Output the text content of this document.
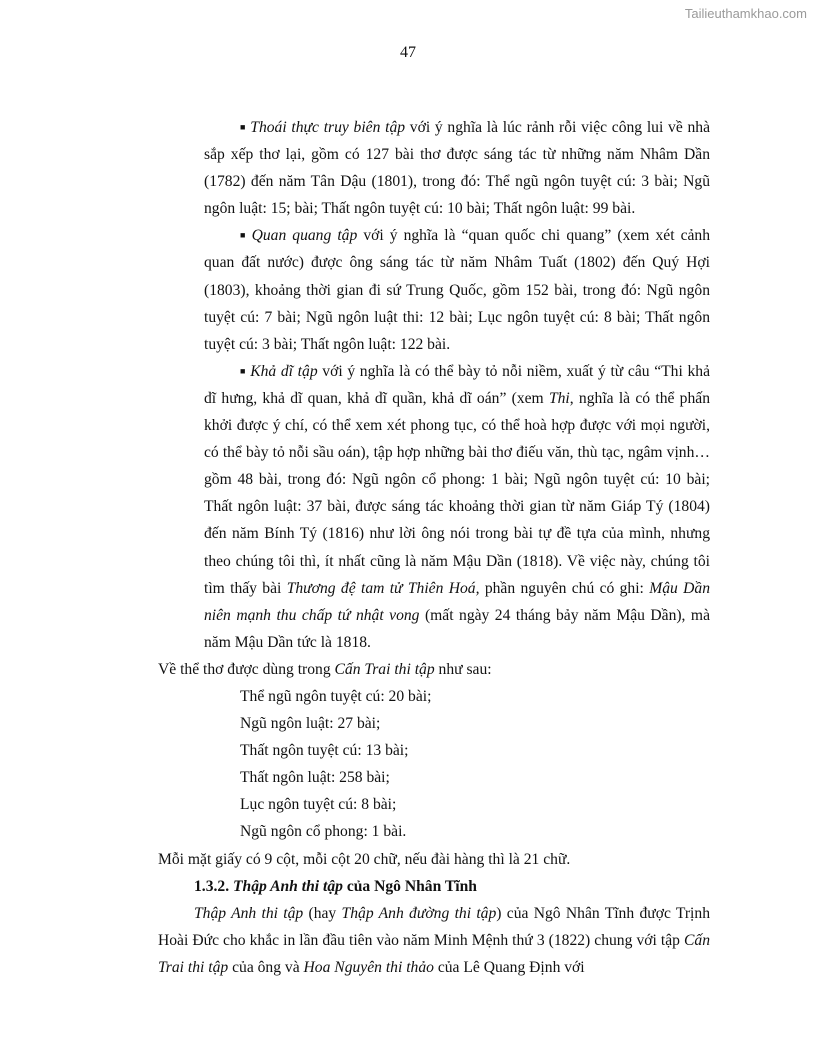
Tailieuthamkhao.com
47

■ Thoái thực truy biên tập với ý nghĩa là lúc rảnh rỗi việc công lui về nhà sắp xếp thơ lại, gồm có 127 bài thơ được sáng tác từ những năm Nhâm Dần (1782) đến năm Tân Dậu (1801), trong đó: Thể ngũ ngôn tuyệt cú: 3 bài; Ngũ ngôn luật: 15; bài; Thất ngôn tuyệt cú: 10 bài; Thất ngôn luật: 99 bài.

■ Quan quang tập với ý nghĩa là “quan quốc chi quang” (xem xét cảnh quan đất nước) được ông sáng tác từ năm Nhâm Tuất (1802) đến Quý Hợi (1803), khoảng thời gian đi sứ Trung Quốc, gồm 152 bài, trong đó: Ngũ ngôn tuyệt cú: 7 bài; Ngũ ngôn luật thi: 12 bài; Lục ngôn tuyệt cú: 8 bài; Thất ngôn tuyệt cú: 3 bài; Thất ngôn luật: 122 bài.

■ Khả dĩ tập với ý nghĩa là có thể bày tỏ nỗi niềm, xuất ý từ câu “Thi khả dĩ hưng, khả dĩ quan, khả dĩ quần, khả dĩ oán” (xem Thi, nghĩa là có thể phấn khởi được ý chí, có thể xem xét phong tục, có thể hoà hợp được với mọi người, có thể bày tỏ nỗi sầu oán), tập hợp những bài thơ điếu văn, thù tạc, ngâm vịnh… gồm 48 bài, trong đó: Ngũ ngôn cổ phong: 1 bài; Ngũ ngôn tuyệt cú: 10 bài; Thất ngôn luật: 37 bài, được sáng tác khoảng thời gian từ năm Giáp Tý (1804) đến năm Bính Tý (1816) như lời ông nói trong bài tự đề tựa của mình, nhưng theo chúng tôi thì, ít nhất cũng là năm Mậu Dần (1818). Về việc này, chúng tôi tìm thấy bài Thương đệ tam tử Thiên Hoá, phần nguyên chú có ghi: Mậu Dần niên mạnh thu chấp tứ nhật vong (mất ngày 24 tháng bảy năm Mậu Dần), mà năm Mậu Dần tức là 1818.

Về thể thơ được dùng trong Cấn Trai thi tập như sau:

Thể ngũ ngôn tuyệt cú: 20 bài;

Ngũ ngôn luật: 27 bài;

Thất ngôn tuyệt cú: 13 bài;

Thất ngôn luật: 258 bài;

Lục ngôn tuyệt cú: 8 bài;

Ngũ ngôn cổ phong: 1 bài.

Mỗi mặt giấy có 9 cột, mỗi cột 20 chữ, nếu đài hàng thì là 21 chữ.

1.3.2. Thập Anh thi tập của Ngô Nhân Tĩnh

Thập Anh thi tập (hay Thập Anh đường thi tập) của Ngô Nhân Tĩnh được Trịnh Hoài Đức cho khắc in lần đầu tiên vào năm Minh Mệnh thứ 3 (1822) chung với tập Cấn Trai thi tập của ông và Hoa Nguyên thi thảo của Lê Quang Định với
